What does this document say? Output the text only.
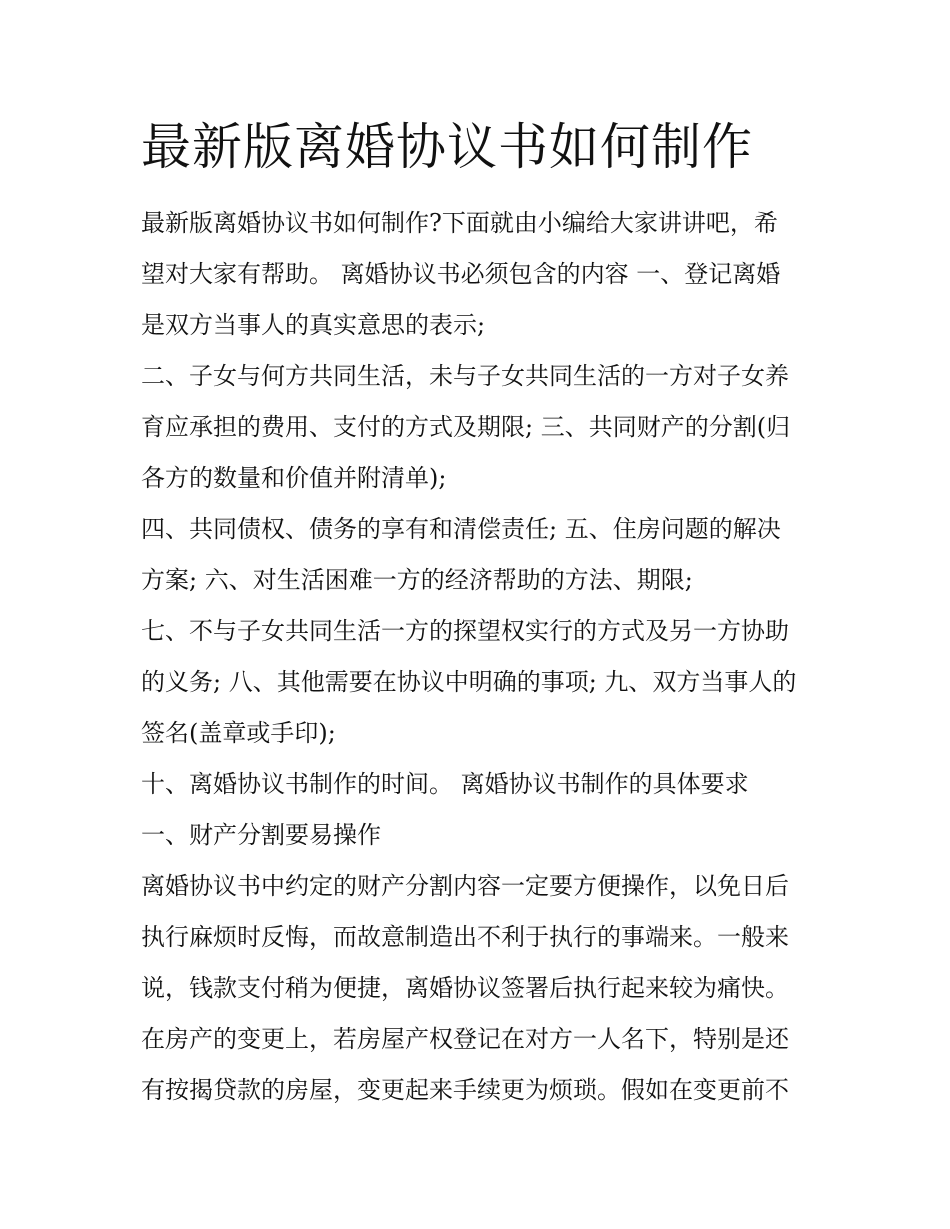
最新版离婚协议书如何制作

最新版离婚协议书如何制作?下面就由小编给大家讲讲吧，希
望对大家有帮助。 离婚协议书必须包含的内容 一、登记离婚
是双方当事人的真实意思的表示;

二、子女与何方共同生活，未与子女共同生活的一方对子女养
育应承担的费用、支付的方式及期限; 三、共同财产的分割(归
各方的数量和价值并附清单);

四、共同债权、债务的享有和清偿责任; 五、住房问题的解决
方案; 六、对生活困难一方的经济帮助的方法、期限;

七、不与子女共同生活一方的探望权实行的方式及另一方协助
的义务; 八、其他需要在协议中明确的事项; 九、双方当事人的
签名(盖章或手印);

十、离婚协议书制作的时间。 离婚协议书制作的具体要求

一、财产分割要易操作

离婚协议书中约定的财产分割内容一定要方便操作，以免日后
执行麻烦时反悔，而故意制造出不利于执行的事端来。一般来
说，钱款支付稍为便捷，离婚协议签署后执行起来较为痛快。
在房产的变更上，若房屋产权登记在对方一人名下，特别是还
有按揭贷款的房屋，变更起来手续更为烦琐。假如在变更前不
